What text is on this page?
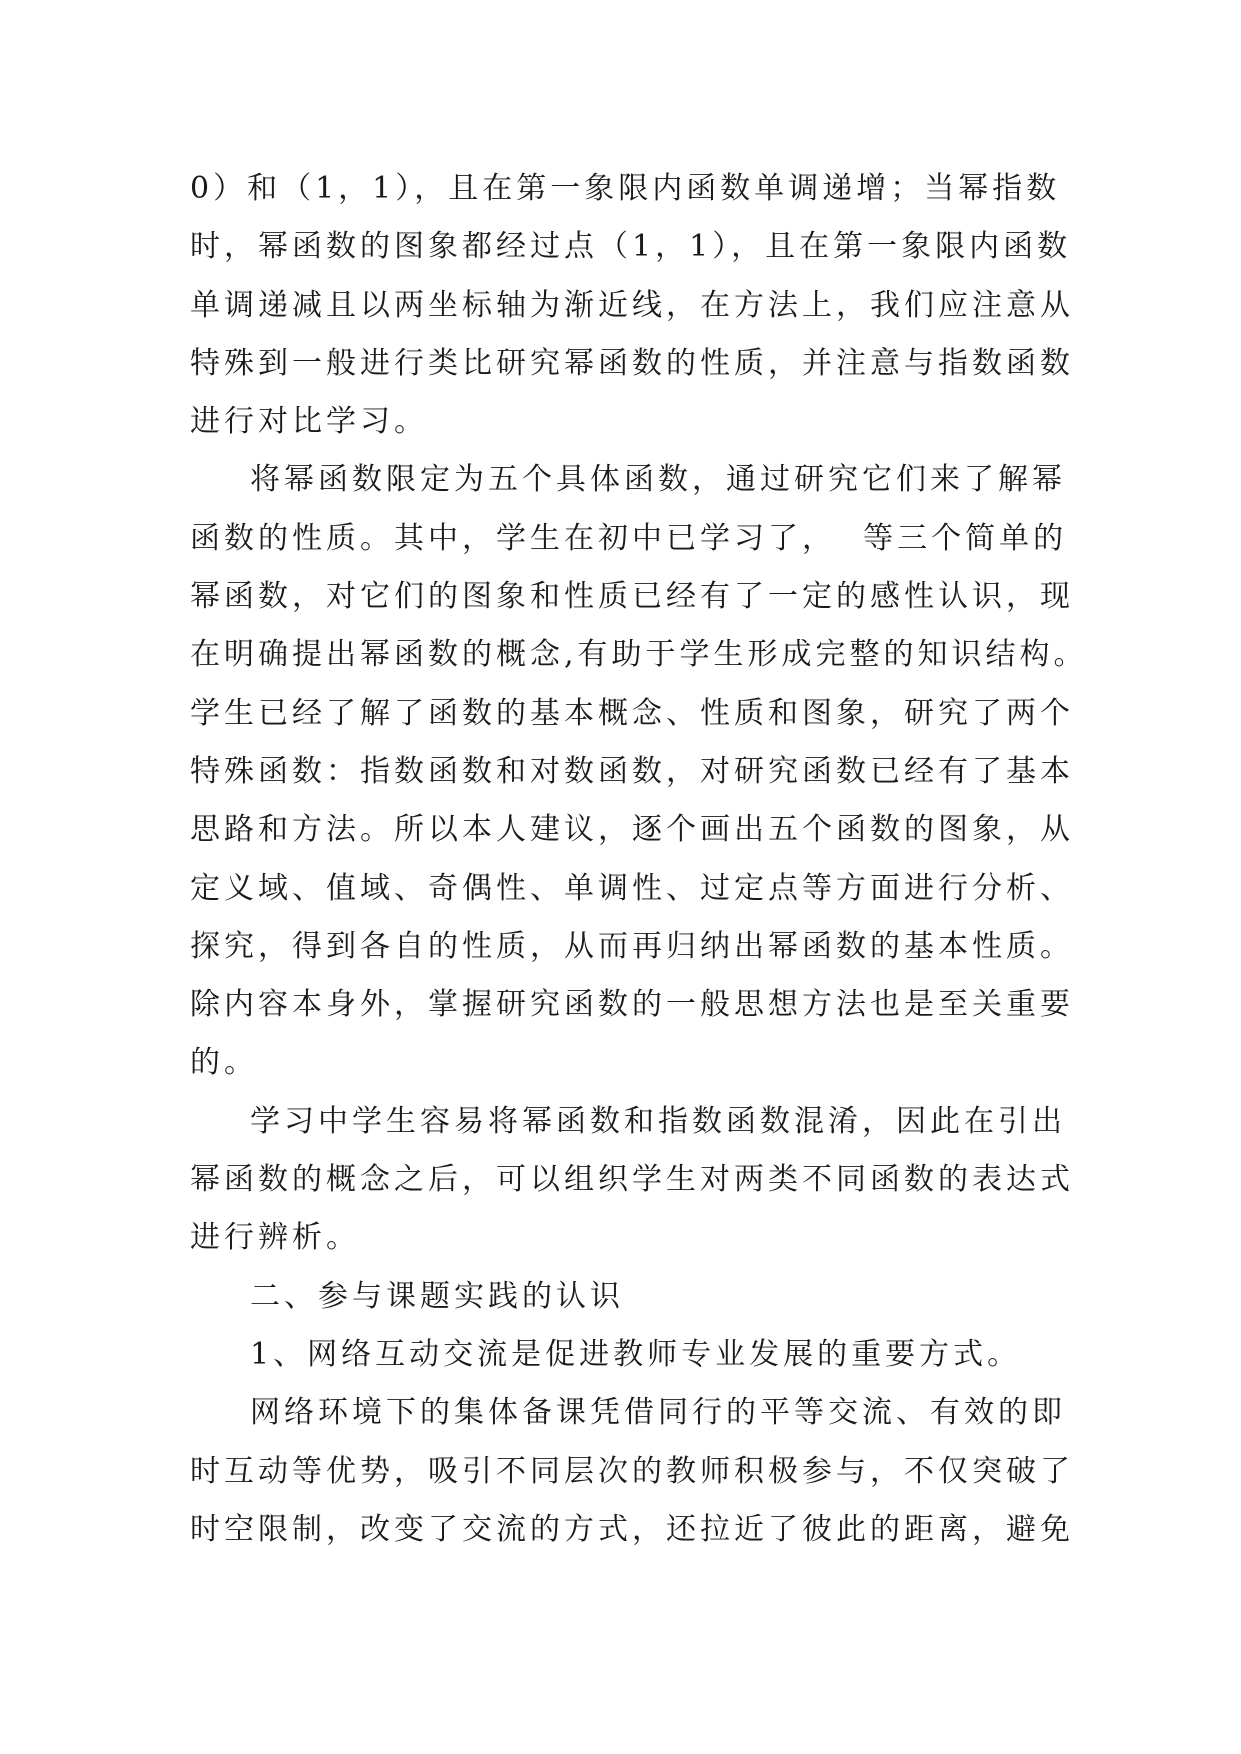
0）和（1，1），且在第一象限内函数单调递增；当幂指数
时，幂函数的图象都经过点（1，1），且在第一象限内函数
单调递减且以两坐标轴为渐近线，在方法上，我们应注意从
特殊到一般进行类比研究幂函数的性质，并注意与指数函数
进行对比学习。
将幂函数限定为五个具体函数，通过研究它们来了解幂
函数的性质。其中，学生在初中已学习了，  等三个简单的
幂函数，对它们的图象和性质已经有了一定的感性认识，现
在明确提出幂函数的概念,有助于学生形成完整的知识结构。
学生已经了解了函数的基本概念、性质和图象，研究了两个
特殊函数：指数函数和对数函数，对研究函数已经有了基本
思路和方法。所以本人建议，逐个画出五个函数的图象，从
定义域、值域、奇偶性、单调性、过定点等方面进行分析、
探究，得到各自的性质，从而再归纳出幂函数的基本性质。
除内容本身外，掌握研究函数的一般思想方法也是至关重要
的。
学习中学生容易将幂函数和指数函数混淆，因此在引出
幂函数的概念之后，可以组织学生对两类不同函数的表达式
进行辨析。
二、参与课题实践的认识
1、网络互动交流是促进教师专业发展的重要方式。
网络环境下的集体备课凭借同行的平等交流、有效的即
时互动等优势，吸引不同层次的教师积极参与，不仅突破了
时空限制，改变了交流的方式，还拉近了彼此的距离，避免
